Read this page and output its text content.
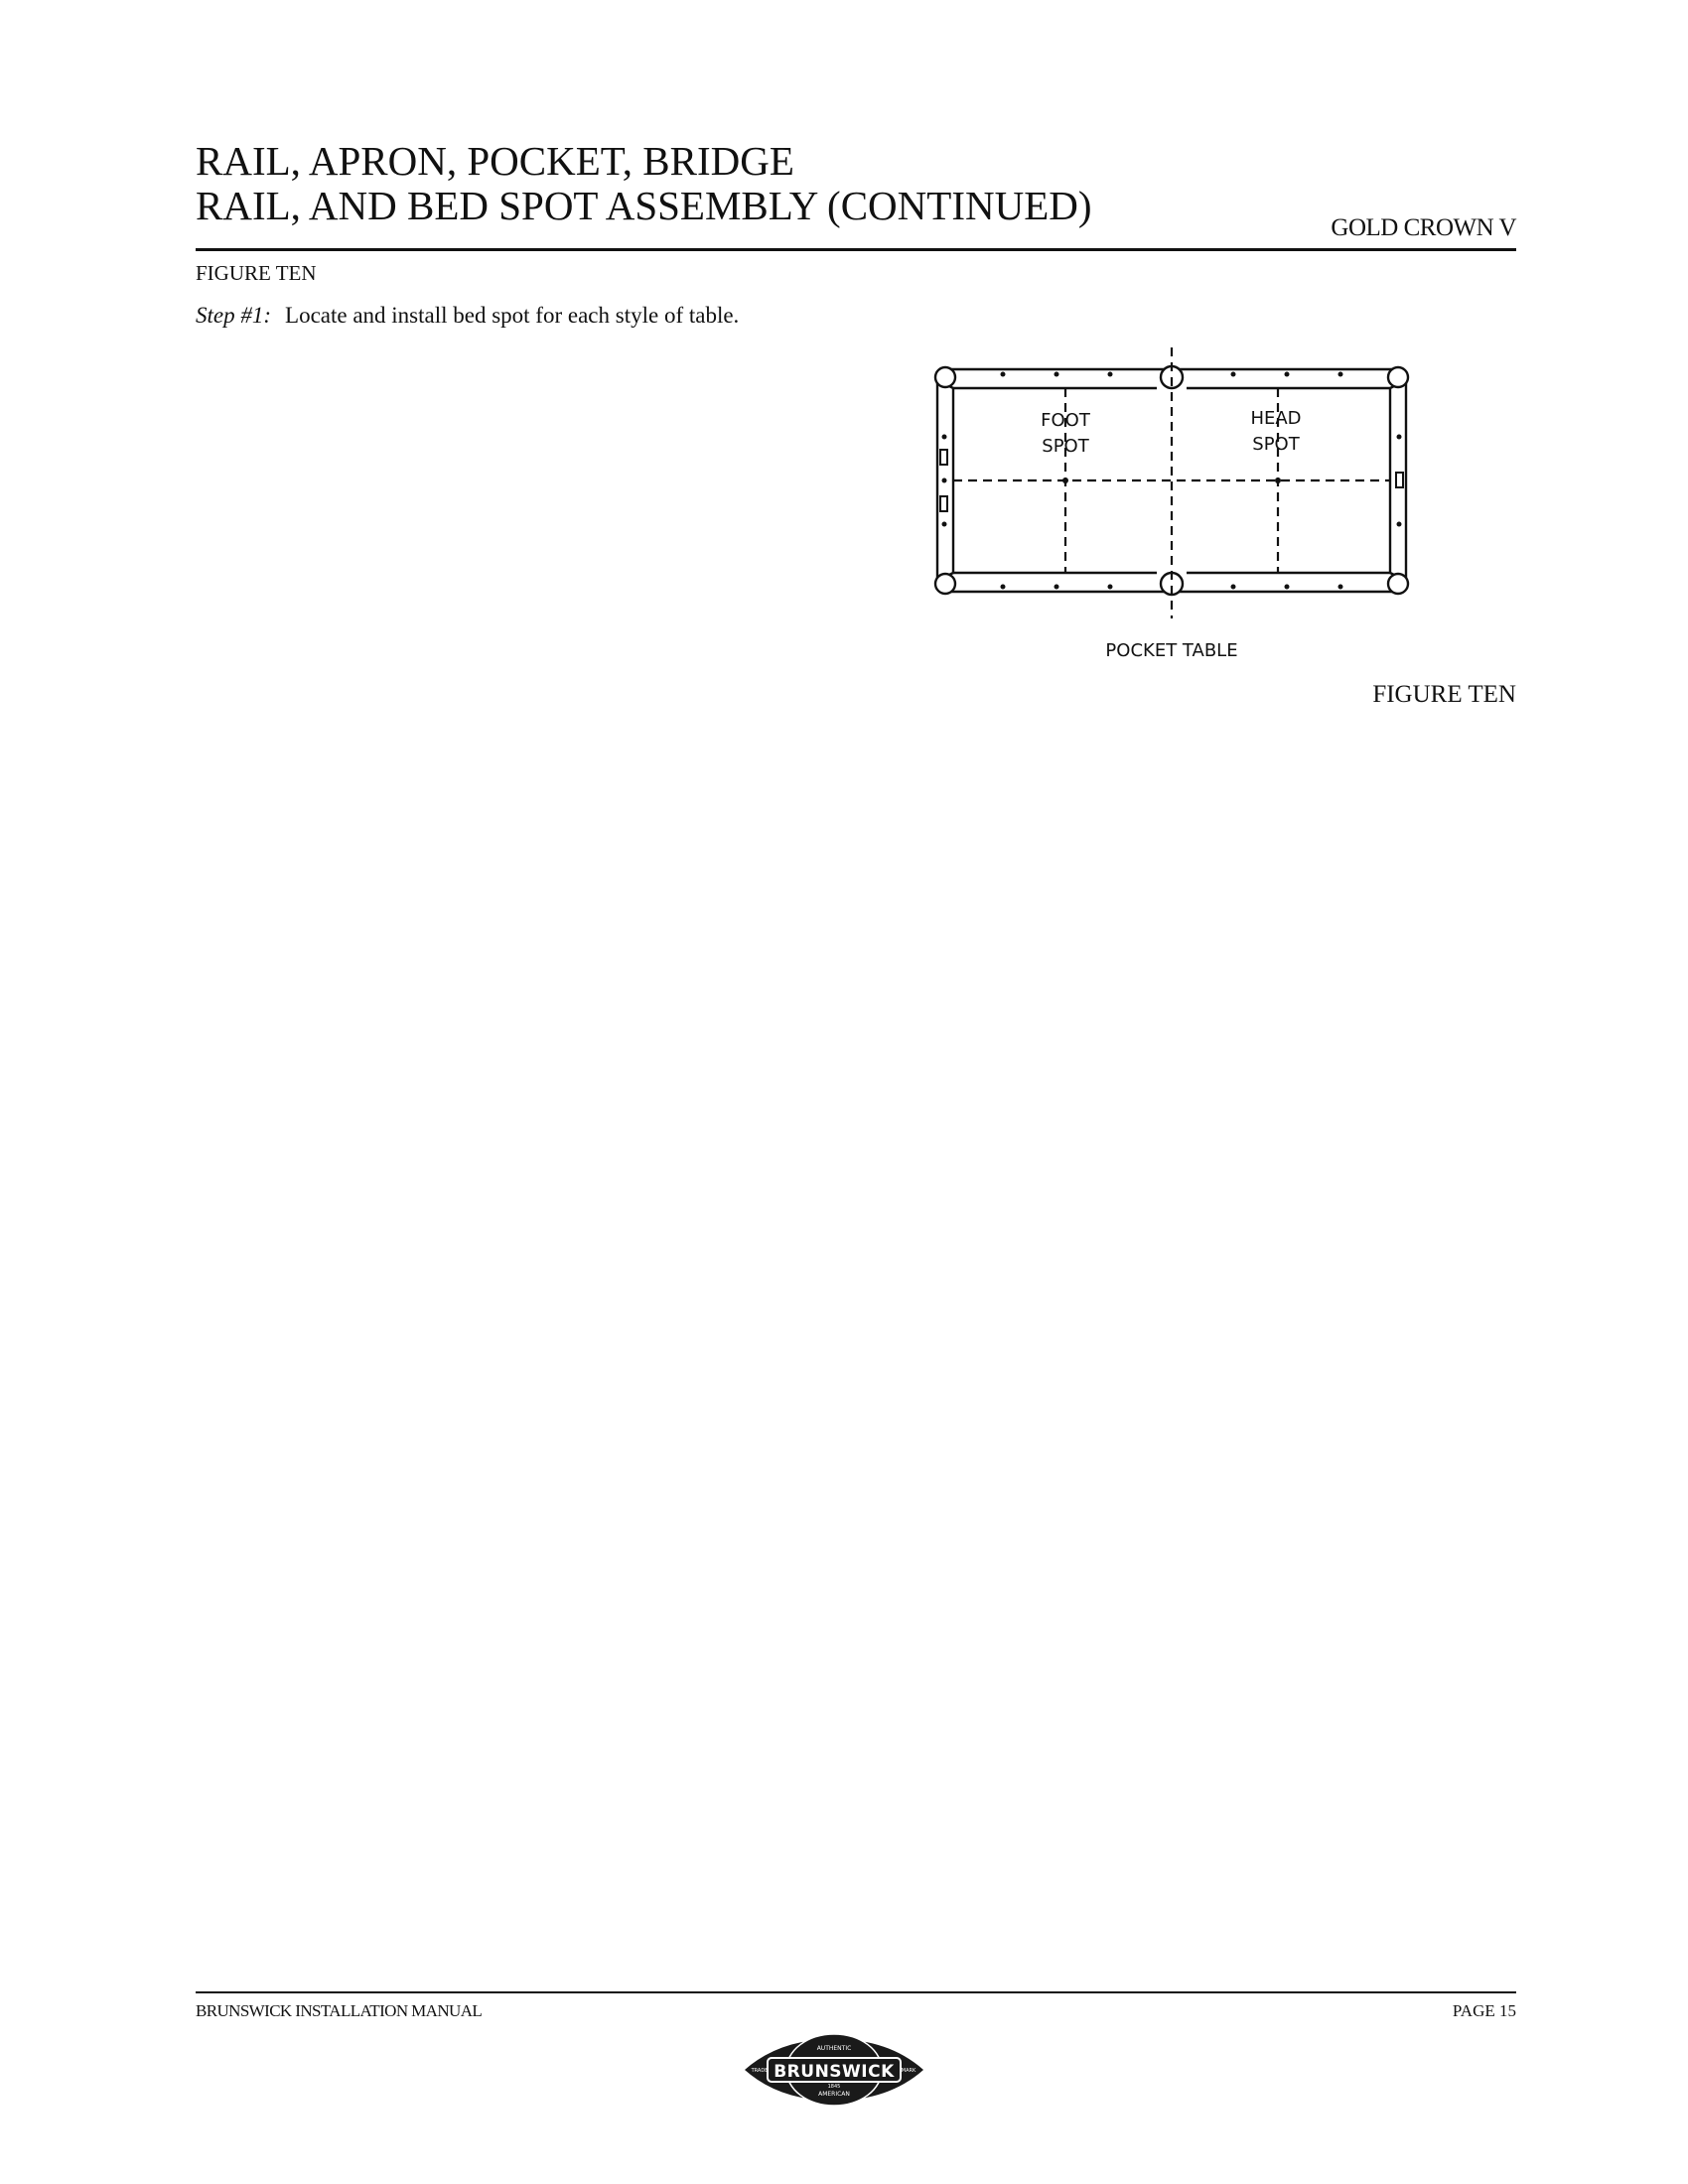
RAIL, APRON, POCKET, BRIDGE
RAIL, AND BED SPOT ASSEMBLY (CONTINUED)	GOLD CROWN V
FIGURE TEN
Step #1: Locate and install bed spot for each style of table.
FOOT
SPOT
HEAD
SPOT
POCKET TABLE
FIGURE TEN
BRUNSWICK INSTALLATION MANUAL	PAGE 15
BRUNSWICK
AUTHENTIC
AMERICAN
1845
TRADE	MARK
